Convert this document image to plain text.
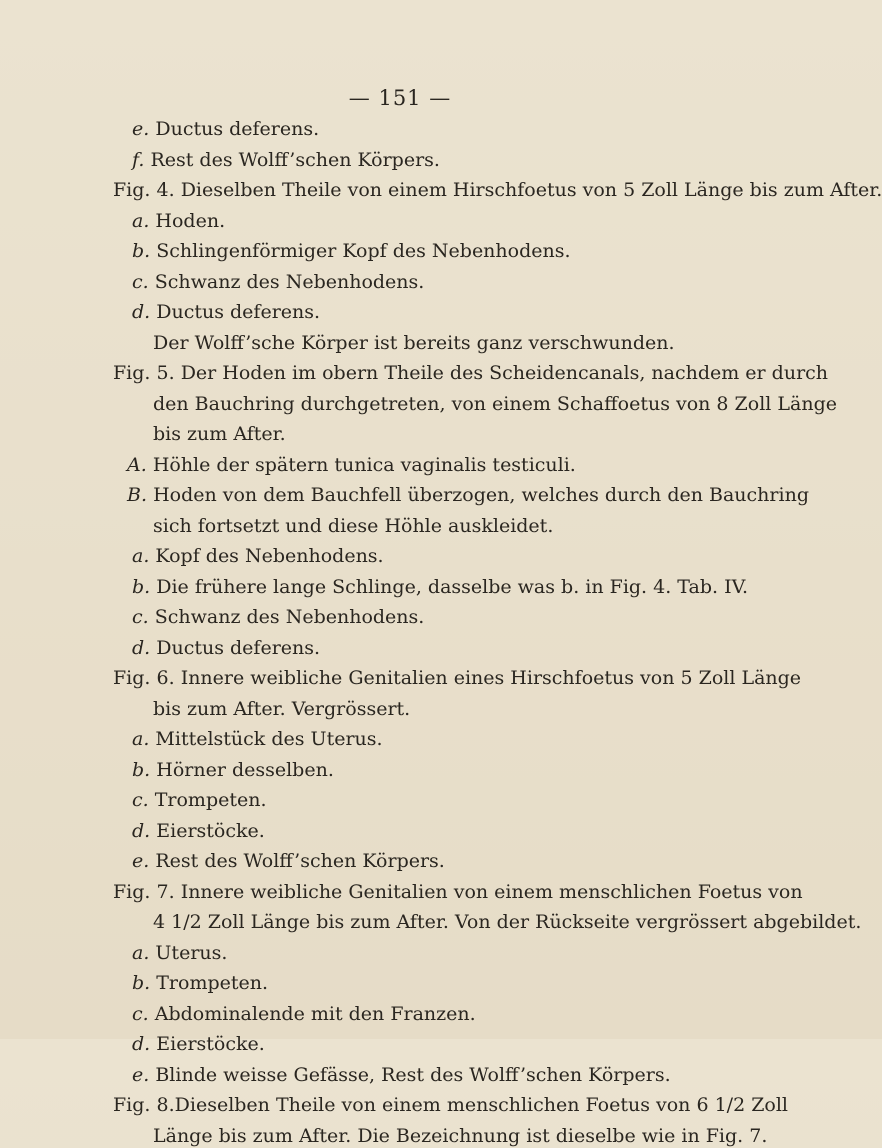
— 151 —
e. Ductus deferens.
f. Rest des Wolff’schen Körpers.
Fig. 4. Dieselben Theile von einem Hirschfoetus von 5 Zoll Länge bis zum After.
a. Hoden.
b. Schlingenförmiger Kopf des Nebenhodens.
c. Schwanz des Nebenhodens.
d. Ductus deferens.
Der Wolff’sche Körper ist bereits ganz verschwunden.
Fig. 5. Der Hoden im obern Theile des Scheidencanals, nachdem er durch
den Bauchring durchgetreten, von einem Schaffoetus von 8 Zoll Länge
bis zum After.
A. Höhle der spätern tunica vaginalis testiculi.
B. Hoden von dem Bauchfell überzogen, welches durch den Bauchring
sich fortsetzt und diese Höhle auskleidet.
a. Kopf des Nebenhodens.
b. Die frühere lange Schlinge, dasselbe was b. in Fig. 4. Tab. IV.
c. Schwanz des Nebenhodens.
d. Ductus deferens.
Fig. 6. Innere weibliche Genitalien eines Hirschfoetus von 5 Zoll Länge
bis zum After. Vergrössert.
a. Mittelstück des Uterus.
b. Hörner desselben.
c. Trompeten.
d. Eierstöcke.
e. Rest des Wolff’schen Körpers.
Fig. 7. Innere weibliche Genitalien von einem menschlichen Foetus von
4 1/2 Zoll Länge bis zum After. Von der Rückseite vergrössert abgebildet.
a. Uterus.
b. Trompeten.
c. Abdominalende mit den Franzen.
d. Eierstöcke.
e. Blinde weisse Gefässe, Rest des Wolff’schen Körpers.
Fig. 8.Dieselben Theile von einem menschlichen Foetus von 6 1/2 Zoll
Länge bis zum After. Die Bezeichnung ist dieselbe wie in Fig. 7.
